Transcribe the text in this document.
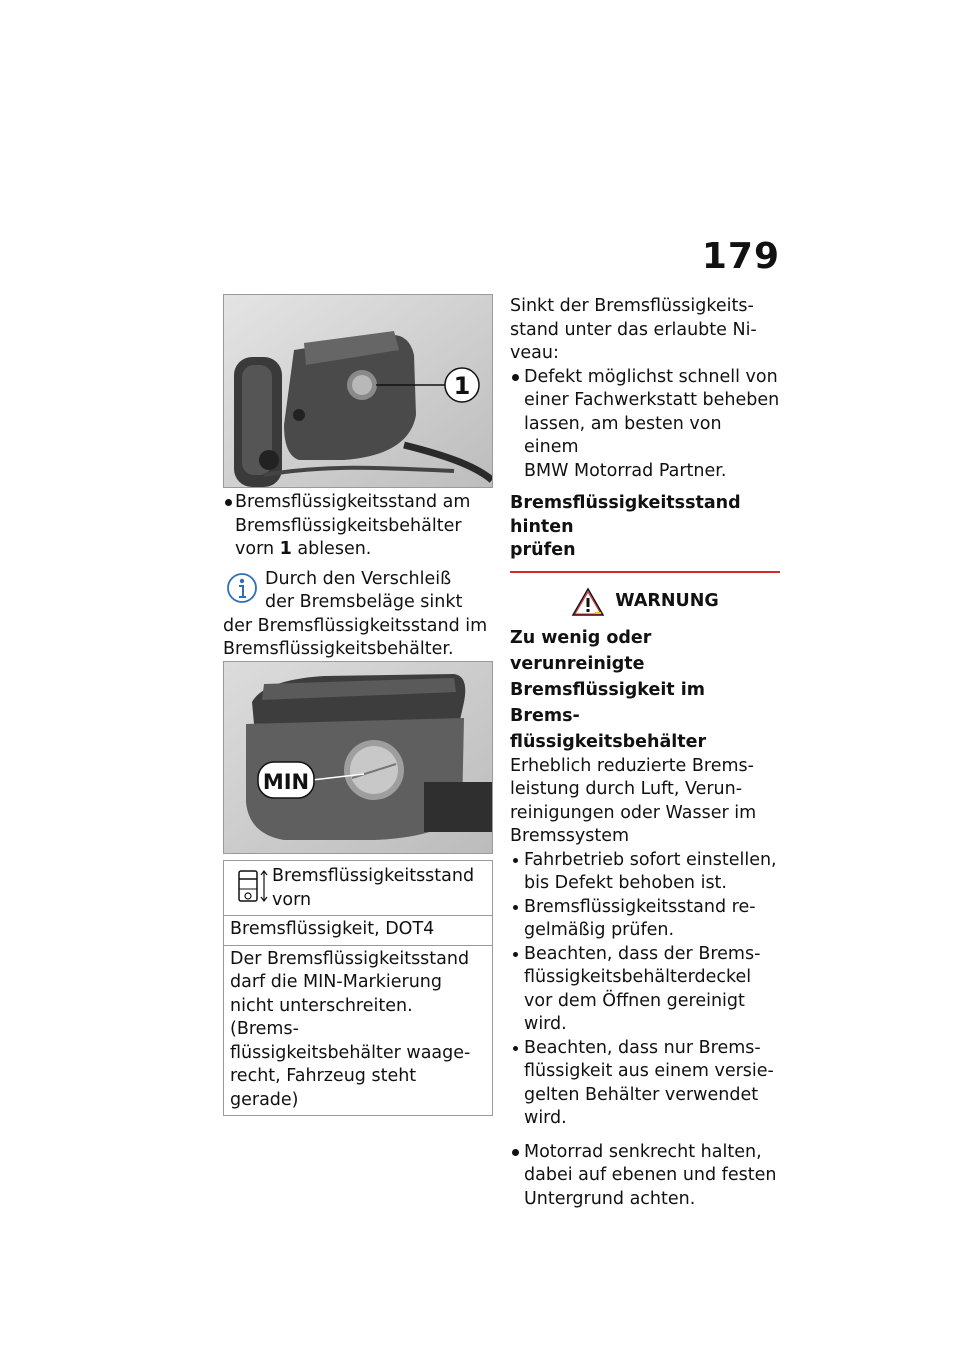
179
1
Bremsflüssigkeitsstand am
Bremsflüssigkeitsbehälter
vorn 1 ablesen.
Durch den Verschleiß
der Bremsbeläge sinkt
der Bremsflüssigkeitsstand im
Bremsflüssigkeitsbehälter.
MIN
Bremsflüssigkeitsstand
vorn
Bremsflüssigkeit, DOT4
Der Bremsflüssigkeitsstand
darf die MIN-Markierung
nicht unterschreiten. (Brems-
flüssigkeitsbehälter waage-
recht, Fahrzeug steht gerade)
Sinkt der Bremsflüssigkeits-
stand unter das erlaubte Ni-
veau:
Defekt möglichst schnell von
einer Fachwerkstatt beheben
lassen, am besten von einem
BMW Motorrad Partner.
Bremsflüssigkeitsstand hinten
prüfen
WARNUNG
Zu wenig oder verunreinigte
Bremsflüssigkeit im Brems-
flüssigkeitsbehälter
Erheblich reduzierte Brems-
leistung durch Luft, Verun-
reinigungen oder Wasser im
Bremssystem
Fahrbetrieb sofort einstellen,
bis Defekt behoben ist.
Bremsflüssigkeitsstand re-
gelmäßig prüfen.
Beachten, dass der Brems-
flüssigkeitsbehälterdeckel
vor dem Öffnen gereinigt
wird.
Beachten, dass nur Brems-
flüssigkeit aus einem versie-
gelten Behälter verwendet
wird.
Motorrad senkrecht halten,
dabei auf ebenen und festen
Untergrund achten.
